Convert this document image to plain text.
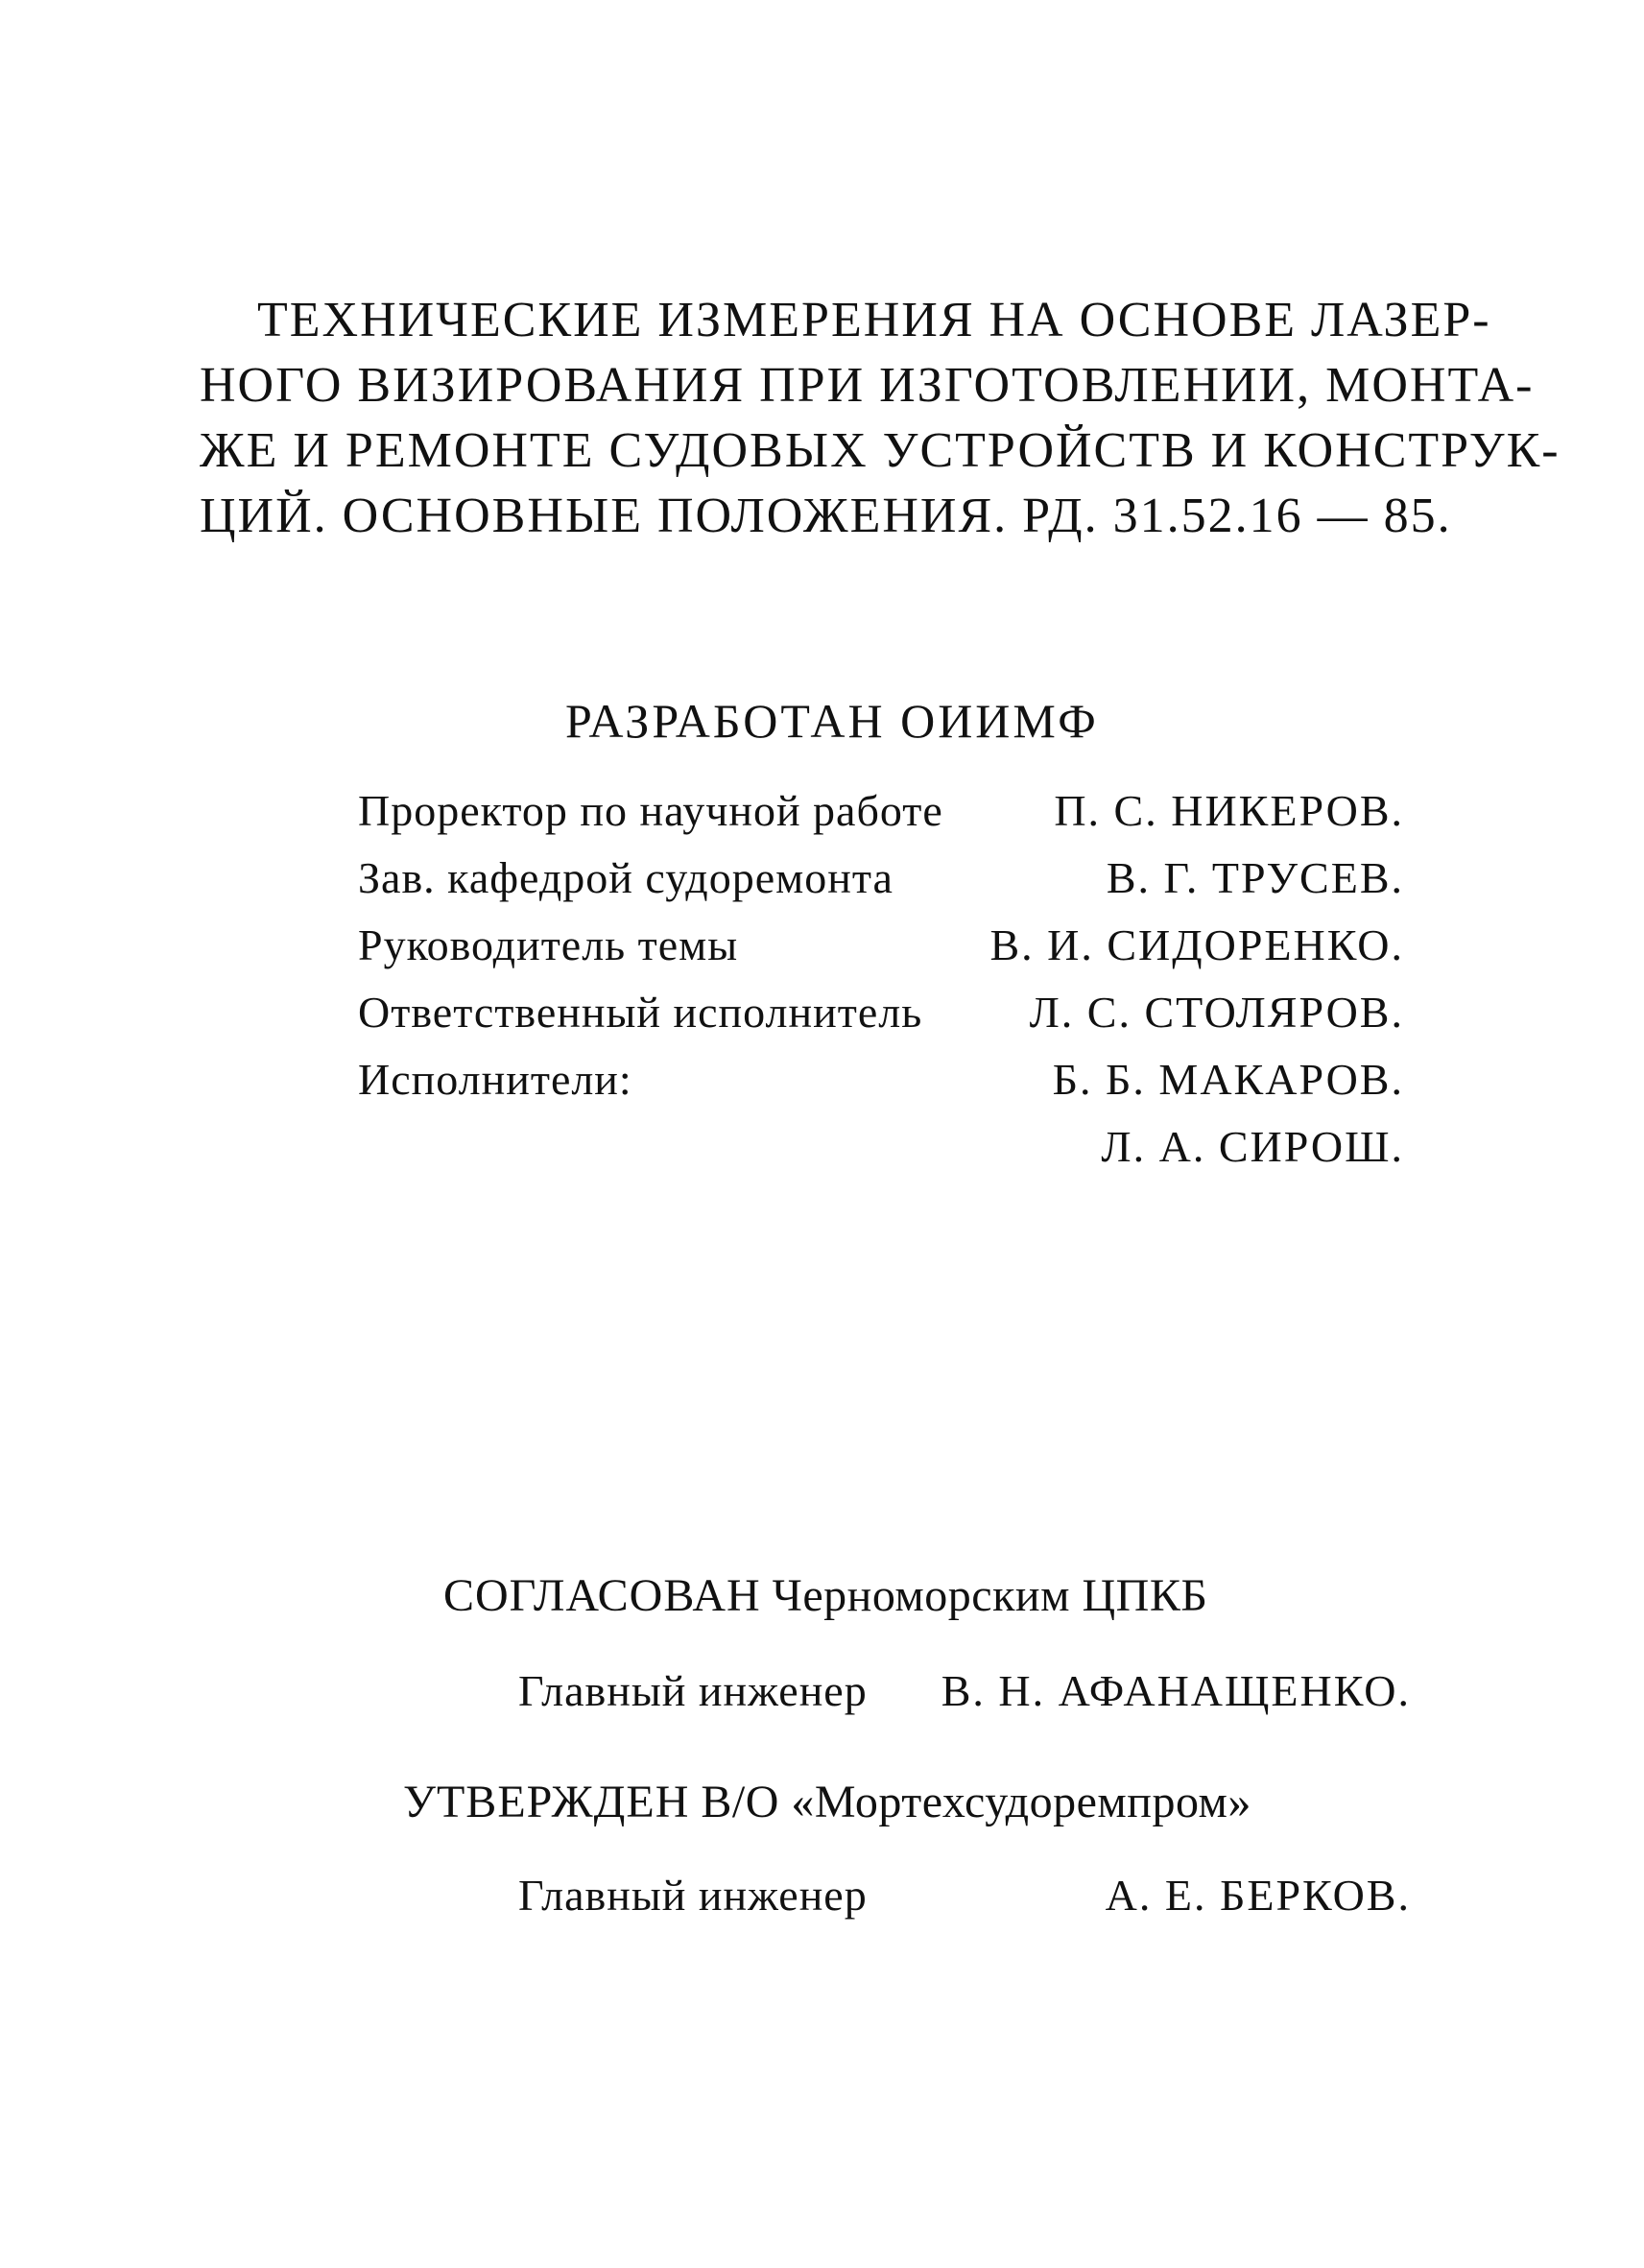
ТЕХНИЧЕСКИЕ ИЗМЕРЕНИЯ НА ОСНОВЕ ЛАЗЕР-
НОГО ВИЗИРОВАНИЯ ПРИ ИЗГОТОВЛЕНИИ, МОНТА-
ЖЕ И РЕМОНТЕ СУДОВЫХ УСТРОЙСТВ И КОНСТРУК-
ЦИЙ. ОСНОВНЫЕ ПОЛОЖЕНИЯ. РД. 31.52.16 — 85.
РАЗРАБОТАН ОИИМФ
Проректор по научной работе	П. С. НИКЕРОВ.
Зав. кафедрой судоремонта	В. Г. ТРУСЕВ.
Руководитель темы	В. И. СИДОРЕНКО.
Ответственный исполнитель Л. С. СТОЛЯРОВ.
Исполнители:	Б. Б. МАКАРОВ.
Л. А. СИРОШ.
СОГЛАСОВАН Черноморским ЦПКБ
Главный инженер В. Н. АФАНАЩЕНКО.
УТВЕРЖДЕН В/О «Мортехсудоремпром»
Главный инженер	А. Е. БЕРКОВ.
